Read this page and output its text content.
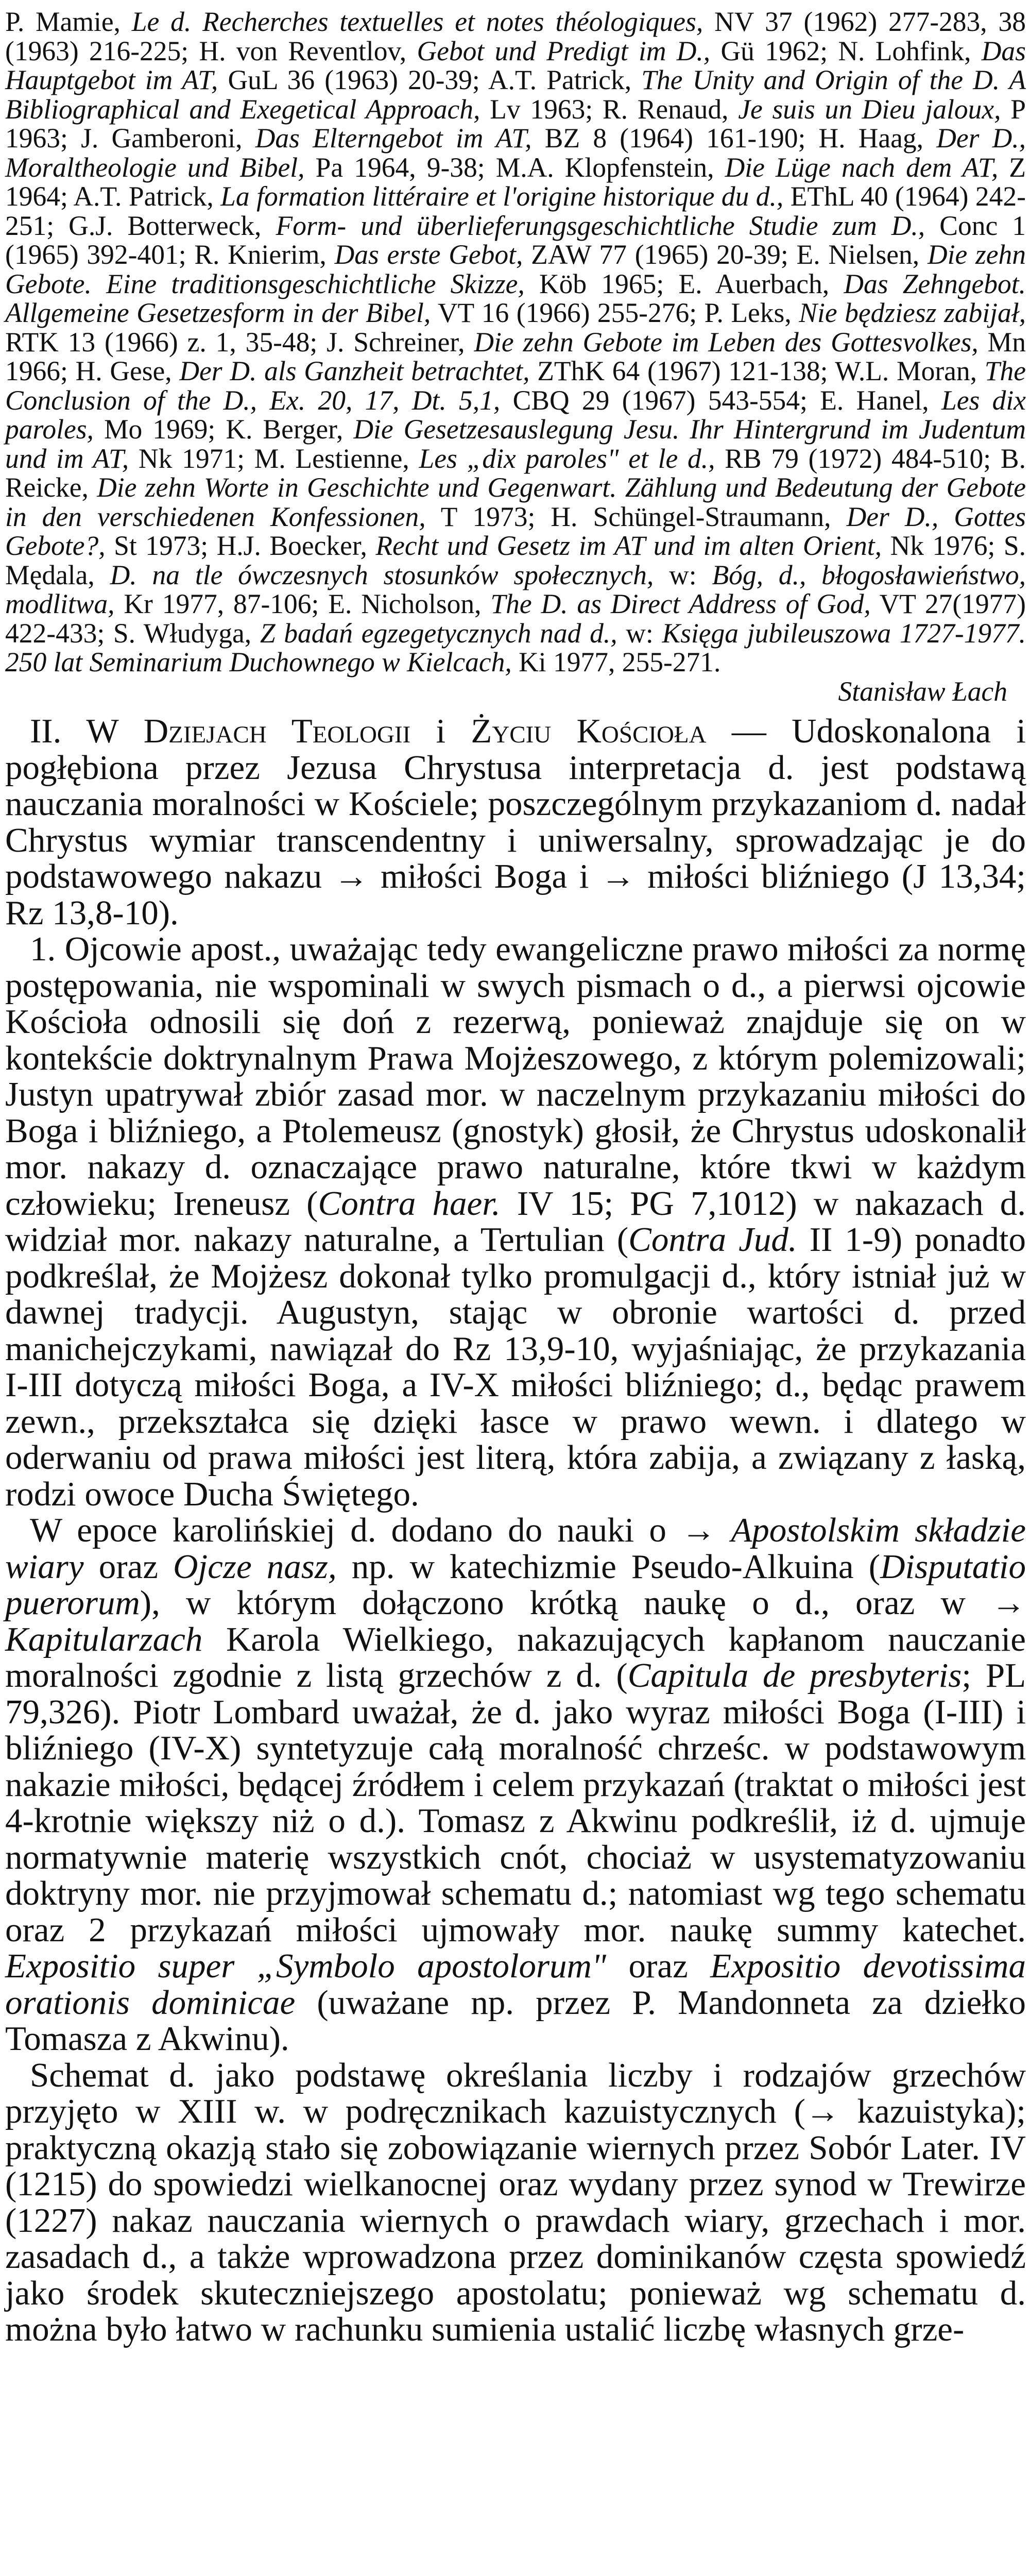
P. Mamie, Le d. Recherches textuelles et notes théologiques, NV 37 (1962) 277-283, 38 (1963) 216-225; H. von Reventlov, Gebot und Predigt im D., Gü 1962; N. Lohfink, Das Hauptgebot im AT, GuL 36 (1963) 20-39; A.T. Patrick, The Unity and Origin of the D. A Bibliographical and Exegetical Approach, Lv 1963; R. Renaud, Je suis un Dieu jaloux, P 1963; J. Gamberoni, Das Elterngebot im AT, BZ 8 (1964) 161-190; H. Haag, Der D., Moraltheologie und Bibel, Pa 1964, 9-38; M.A. Klopfenstein, Die Lüge nach dem AT, Z 1964; A.T. Patrick, La formation littéraire et l'origine historique du d., EThL 40 (1964) 242-251; G.J. Botterweck, Form- und überlieferungsgeschichtliche Studie zum D., Conc 1 (1965) 392-401; R. Knierim, Das erste Gebot, ZAW 77 (1965) 20-39; E. Nielsen, Die zehn Gebote. Eine traditionsgeschichtliche Skizze, Köb 1965; E. Auerbach, Das Zehngebot. Allgemeine Gesetzesform in der Bibel, VT 16 (1966) 255-276; P. Leks, Nie będziesz zabijał, RTK 13 (1966) z. 1, 35-48; J. Schreiner, Die zehn Gebote im Leben des Gottesvolkes, Mn 1966; H. Gese, Der D. als Ganzheit betrachtet, ZThK 64 (1967) 121-138; W.L. Moran, The Conclusion of the D., Ex. 20, 17, Dt. 5,1, CBQ 29 (1967) 543-554; E. Hanel, Les dix paroles, Mo 1969; K. Berger, Die Gesetzesauslegung Jesu. Ihr Hintergrund im Judentum und im AT, Nk 1971; M. Lestienne, Les „dix paroles" et le d., RB 79 (1972) 484-510; B. Reicke, Die zehn Worte in Geschichte und Gegenwart. Zählung und Bedeutung der Gebote in den verschiedenen Konfessionen, T 1973; H. Schüngel-Straumann, Der D., Gottes Gebote?, St 1973; H.J. Boecker, Recht und Gesetz im AT und im alten Orient, Nk 1976; S. Mędala, D. na tle ówczesnych stosunków społecznych, w: Bóg, d., błogosławieństwo, modlitwa, Kr 1977, 87-106; E. Nicholson, The D. as Direct Address of God, VT 27(1977) 422-433; S. Włudyga, Z badań egzegetycznych nad d., w: Księga jubileuszowa 1727-1977. 250 lat Seminarium Duchownego w Kielcach, Ki 1977, 255-271.

Stanisław Łach

II. W Dziejach Teologii i Życiu Kościoła — Udoskonalona i pogłębiona przez Jezusa Chrystusa interpretacja d. jest podstawą nauczania moralności w Kościele; poszczególnym przykazaniom d. nadał Chrystus wymiar transcendentny i uniwersalny, sprowadzając je do podstawowego nakazu → miłości Boga i → miłości bliźniego (J 13,34; Rz 13,8-10).

1. Ojcowie apost., uważając tedy ewangeliczne prawo miłości za normę postępowania, nie wspominali w swych pismach o d., a pierwsi ojcowie Kościoła odnosili się doń z rezerwą, ponieważ znajduje się on w kontekście doktrynalnym Prawa Mojżeszowego, z którym polemizowali; Justyn upatrywał zbiór zasad mor. w naczelnym przykazaniu miłości do Boga i bliźniego, a Ptolemeusz (gnostyk) głosił, że Chrystus udoskonalił mor. nakazy d. oznaczające prawo naturalne, które tkwi w każdym człowieku; Ireneusz (Contra haer. IV 15; PG 7,1012) w nakazach d. widział mor. nakazy naturalne, a Tertulian (Contra Jud. II 1-9) ponadto podkreślał, że Mojżesz dokonał tylko promulgacji d., który istniał już w dawnej tradycji. Augustyn, stając w obronie wartości d. przed manichejczykami, nawiązał do Rz 13,9-10, wyjaśniając, że przykazania I-III dotyczą miłości Boga, a IV-X miłości bliźniego; d., będąc prawem zewn., przekształca się dzięki łasce w prawo wewn. i dlatego w oderwaniu od prawa miłości jest literą, która zabija, a związany z łaską, rodzi owoce Ducha Świętego.

W epoce karolińskiej d. dodano do nauki o → Apostolskim składzie wiary oraz Ojcze nasz, np. w katechizmie Pseudo-Alkuina (Disputatio puerorum), w którym dołączono krótką naukę o d., oraz w → Kapitularzach Karola Wielkiego, nakazujących kapłanom nauczanie moralności zgodnie z listą grzechów z d. (Capitula de presbyteris; PL 79,326). Piotr Lombard uważał, że d. jako wyraz miłości Boga (I-III) i bliźniego (IV-X) syntetyzuje całą moralność chrześc. w podstawowym nakazie miłości, będącej źródłem i celem przykazań (traktat o miłości jest 4-krotnie większy niż o d.). Tomasz z Akwinu podkreślił, iż d. ujmuje normatywnie materię wszystkich cnót, chociaż w usystematyzowaniu doktryny mor. nie przyjmował schematu d.; natomiast wg tego schematu oraz 2 przykazań miłości ujmowały mor. naukę summy katechet. Expositio super „Symbolo apostolorum" oraz Expositio devotissima orationis dominicae (uważane np. przez P. Mandonneta za dziełko Tomasza z Akwinu).

Schemat d. jako podstawę określania liczby i rodzajów grzechów przyjęto w XIII w. w podręcznikach kazuistycznych (→ kazuistyka); praktyczną okazją stało się zobowiązanie wiernych przez Sobór Later. IV (1215) do spowiedzi wielkanocnej oraz wydany przez synod w Trewirze (1227) nakaz nauczania wiernych o prawdach wiary, grzechach i mor. zasadach d., a także wprowadzona przez dominikanów częsta spowiedź jako środek skuteczniejszego apostolatu; ponieważ wg schematu d. można było łatwo w rachunku sumienia ustalić liczbę własnych grze-
